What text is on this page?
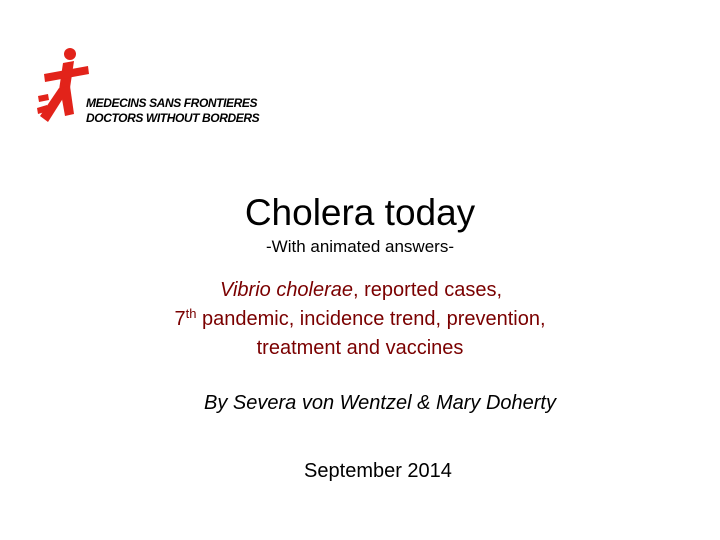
MEDECINS SANS FRONTIERES
DOCTORS WITHOUT BORDERS
Cholera today
-With animated answers-
Vibrio cholerae, reported cases,
7th pandemic, incidence trend, prevention,
treatment and vaccines
By Severa von Wentzel & Mary Doherty
September 2014
